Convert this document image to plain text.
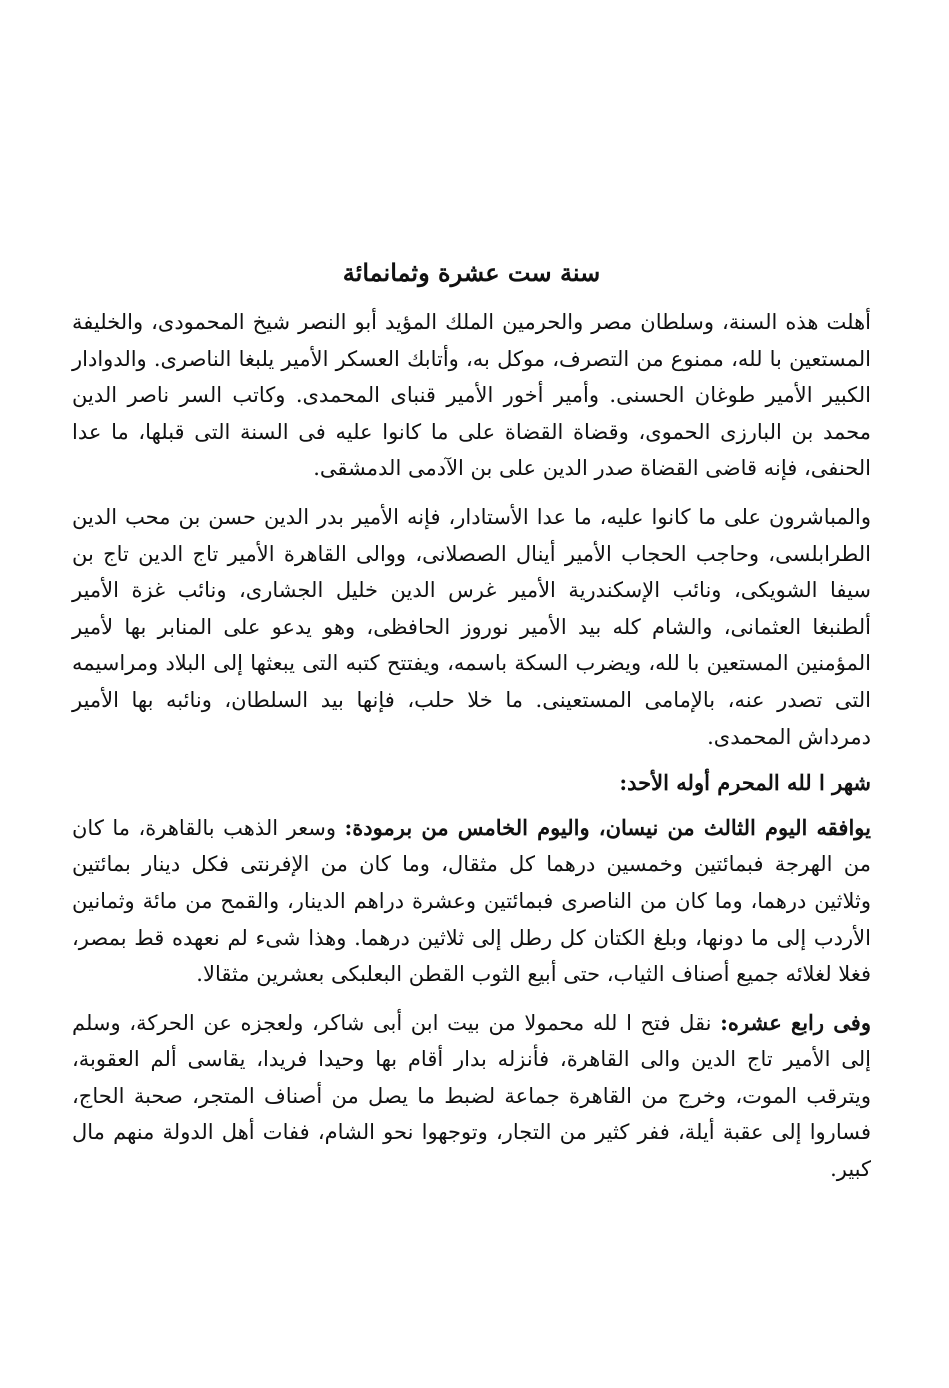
سنة ست عشرة وثمانمائة

أهلت هذه السنة، وسلطان مصر والحرمين الملك المؤيد أبو النصر شيخ المحمودى، والخليفة المستعين با لله، ممنوع من التصرف، موكل به، وأتابك العسكر الأمير يلبغا الناصرى. والدوادار الكبير الأمير طوغان الحسنى. وأمير أخور الأمير قنباى المحمدى. وكاتب السر ناصر الدين محمد بن البارزى الحموى، وقضاة القضاة على ما كانوا عليه فى السنة التى قبلها، ما عدا الحنفى، فإنه قاضى القضاة صدر الدين على بن الآدمى الدمشقى.

والمباشرون على ما كانوا عليه، ما عدا الأستادار، فإنه الأمير بدر الدين حسن بن محب الدين الطرابلسى، وحاجب الحجاب الأمير أينال الصصلانى، ووالى القاهرة الأمير تاج الدين تاج بن سيفا الشويكى، ونائب الإسكندرية الأمير غرس الدين خليل الجشارى، ونائب غزة الأمير ألطنبغا العثمانى، والشام كله بيد الأمير نوروز الحافظى، وهو يدعو على المنابر بها لأمير المؤمنين المستعين با لله، ويضرب السكة باسمه، ويفتتح كتبه التى يبعثها إلى البلاد ومراسيمه التى تصدر عنه، بالإمامى المستعينى. ما خلا حلب، فإنها بيد السلطان، ونائبه بها الأمير دمرداش المحمدى.

شهر ا لله المحرم أوله الأحد:

يوافقه اليوم الثالث من نيسان، واليوم الخامس من برمودة: وسعر الذهب بالقاهرة، ما كان من الهرجة فبمائتين وخمسين درهما كل مثقال، وما كان من الإفرنتى فكل دينار بمائتين وثلاثين درهما، وما كان من الناصرى فبمائتين وعشرة دراهم الدينار، والقمح من مائة وثمانين الأردب إلى ما دونها، وبلغ الكتان كل رطل إلى ثلاثين درهما. وهذا شىء لم نعهده قط بمصر، فغلا لغلائه جميع أصناف الثياب، حتى أبيع الثوب القطن البعلبكى بعشرين مثقالا.

وفى رابع عشره: نقل فتح ا لله محمولا من بيت ابن أبى شاكر، ولعجزه عن الحركة، وسلم إلى الأمير تاج الدين والى القاهرة، فأنزله بدار أقام بها وحيدا فريدا، يقاسى ألم العقوبة، ويترقب الموت، وخرج من القاهرة جماعة لضبط ما يصل من أصناف المتجر، صحبة الحاج، فساروا إلى عقبة أيلة، ففر كثير من التجار، وتوجهوا نحو الشام، ففات أهل الدولة منهم مال كبير.
